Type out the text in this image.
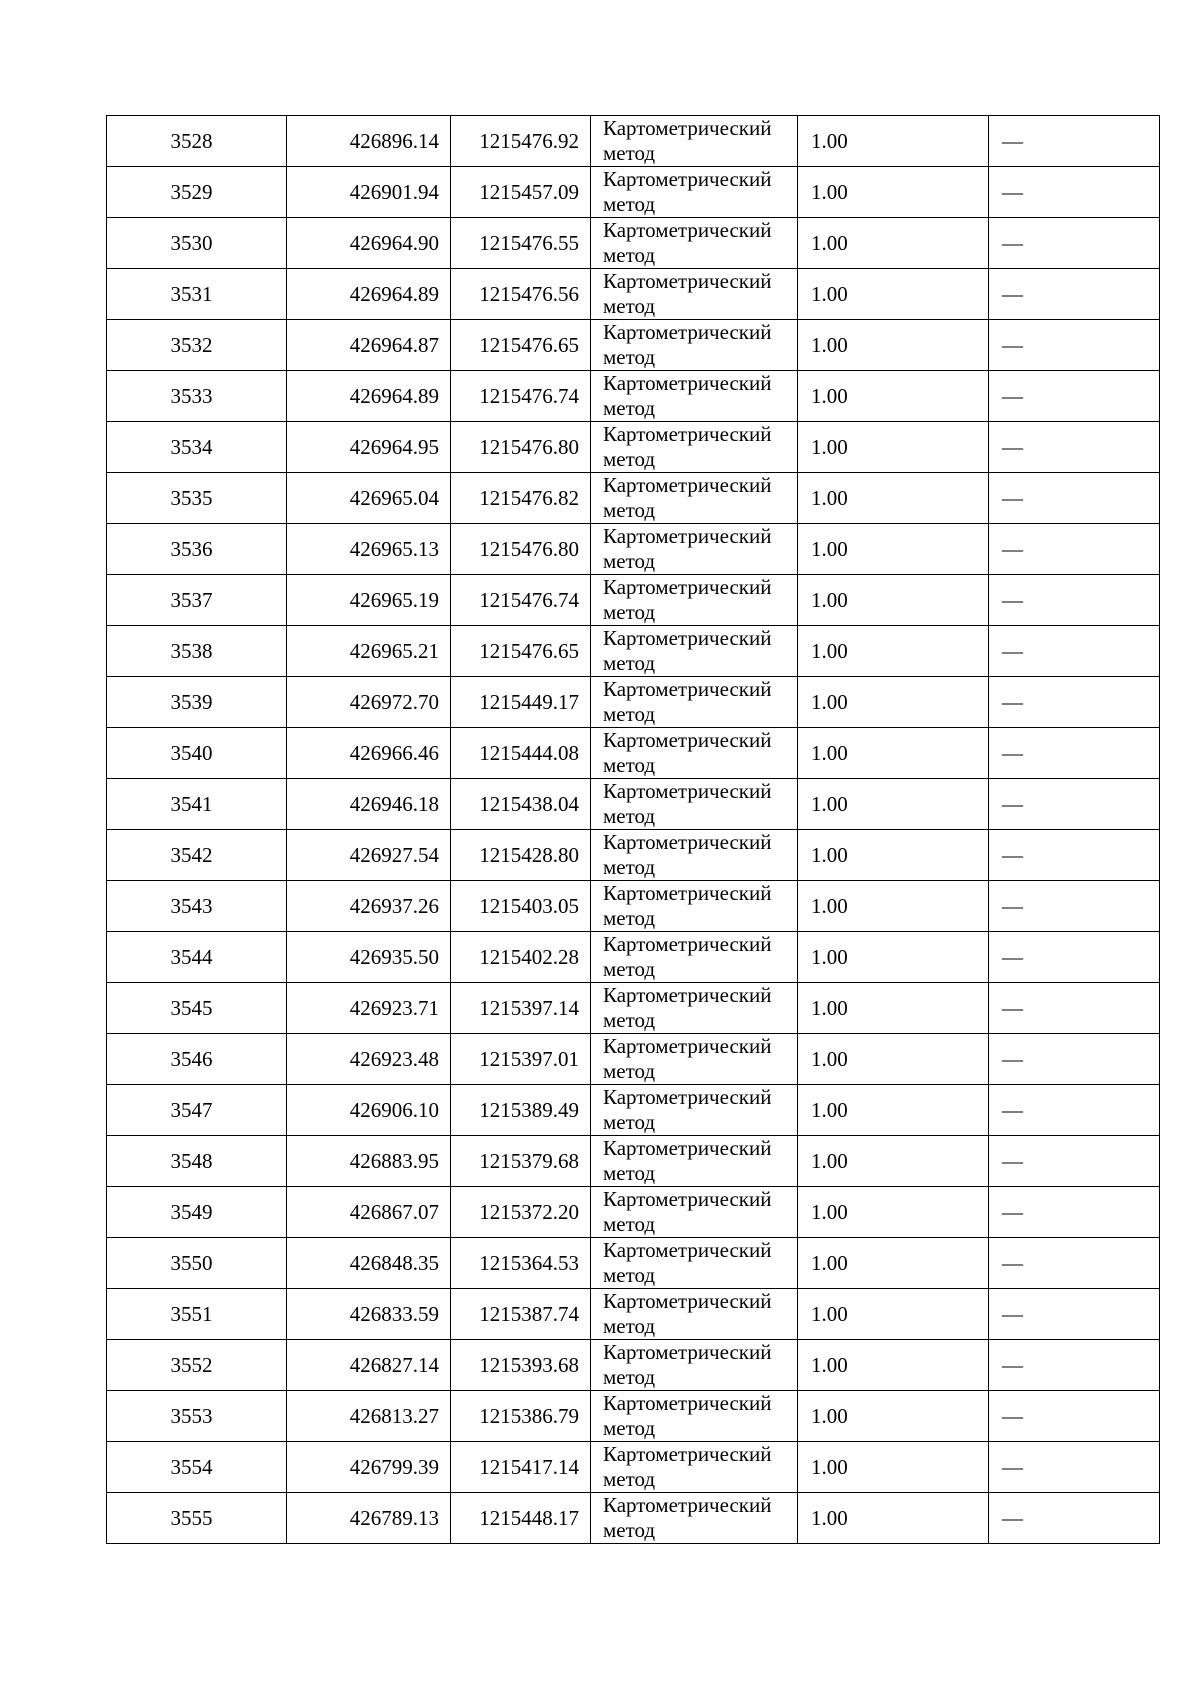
3528	426896.14	1215476.92	Картометрический
метод	1.00	—
3529	426901.94	1215457.09	Картометрический
метод	1.00	—
3530	426964.90	1215476.55	Картометрический
метод	1.00	—
3531	426964.89	1215476.56	Картометрический
метод	1.00	—
3532	426964.87	1215476.65	Картометрический
метод	1.00	—
3533	426964.89	1215476.74	Картометрический
метод	1.00	—
3534	426964.95	1215476.80	Картометрический
метод	1.00	—
3535	426965.04	1215476.82	Картометрический
метод	1.00	—
3536	426965.13	1215476.80	Картометрический
метод	1.00	—
3537	426965.19	1215476.74	Картометрический
метод	1.00	—
3538	426965.21	1215476.65	Картометрический
метод	1.00	—
3539	426972.70	1215449.17	Картометрический
метод	1.00	—
3540	426966.46	1215444.08	Картометрический
метод	1.00	—
3541	426946.18	1215438.04	Картометрический
метод	1.00	—
3542	426927.54	1215428.80	Картометрический
метод	1.00	—
3543	426937.26	1215403.05	Картометрический
метод	1.00	—
3544	426935.50	1215402.28	Картометрический
метод	1.00	—
3545	426923.71	1215397.14	Картометрический
метод	1.00	—
3546	426923.48	1215397.01	Картометрический
метод	1.00	—
3547	426906.10	1215389.49	Картометрический
метод	1.00	—
3548	426883.95	1215379.68	Картометрический
метод	1.00	—
3549	426867.07	1215372.20	Картометрический
метод	1.00	—
3550	426848.35	1215364.53	Картометрический
метод	1.00	—
3551	426833.59	1215387.74	Картометрический
метод	1.00	—
3552	426827.14	1215393.68	Картометрический
метод	1.00	—
3553	426813.27	1215386.79	Картометрический
метод	1.00	—
3554	426799.39	1215417.14	Картометрический
метод	1.00	—
3555	426789.13	1215448.17	Картометрический
метод	1.00	—
